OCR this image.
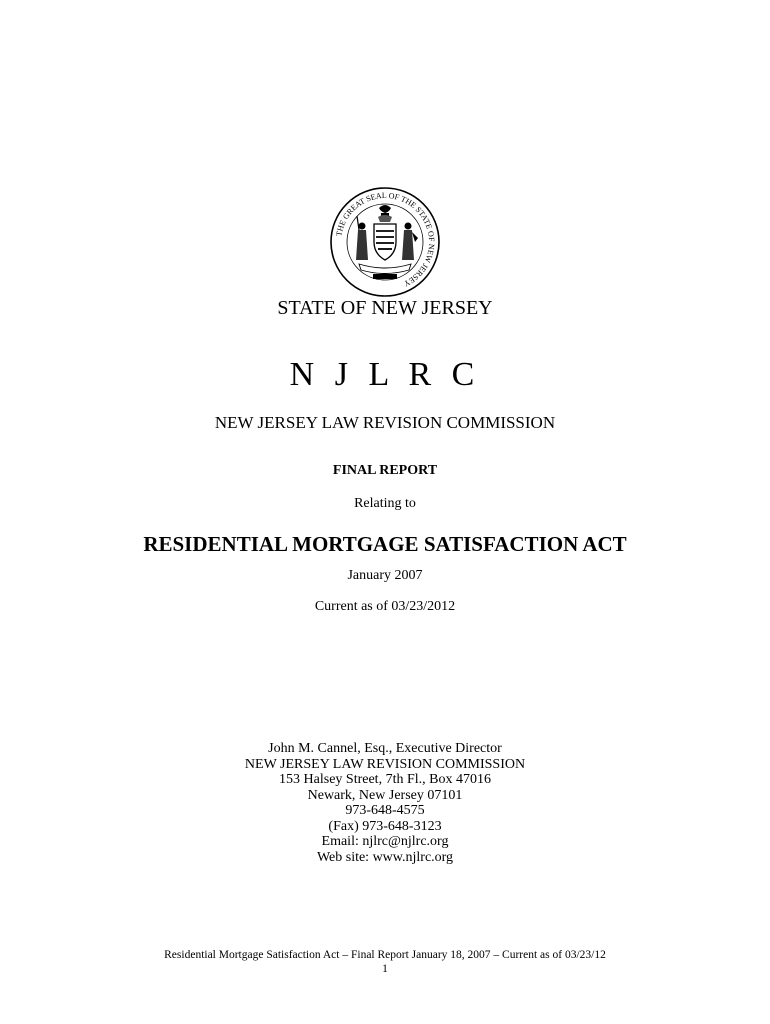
THE GREAT SEAL OF THE STATE OF NEW JERSEY
STATE OF NEW JERSEY
N J L R C
NEW JERSEY LAW REVISION COMMISSION
FINAL REPORT
Relating to
RESIDENTIAL MORTGAGE SATISFACTION ACT
January 2007
Current as of 03/23/2012
John M. Cannel, Esq., Executive Director
NEW JERSEY LAW REVISION COMMISSION
153 Halsey Street, 7th Fl., Box 47016
Newark, New Jersey 07101
973-648-4575
(Fax) 973-648-3123
Email: njlrc@njlrc.org
Web site: www.njlrc.org
Residential Mortgage Satisfaction Act – Final Report January 18, 2007 – Current as of 03/23/12
1
